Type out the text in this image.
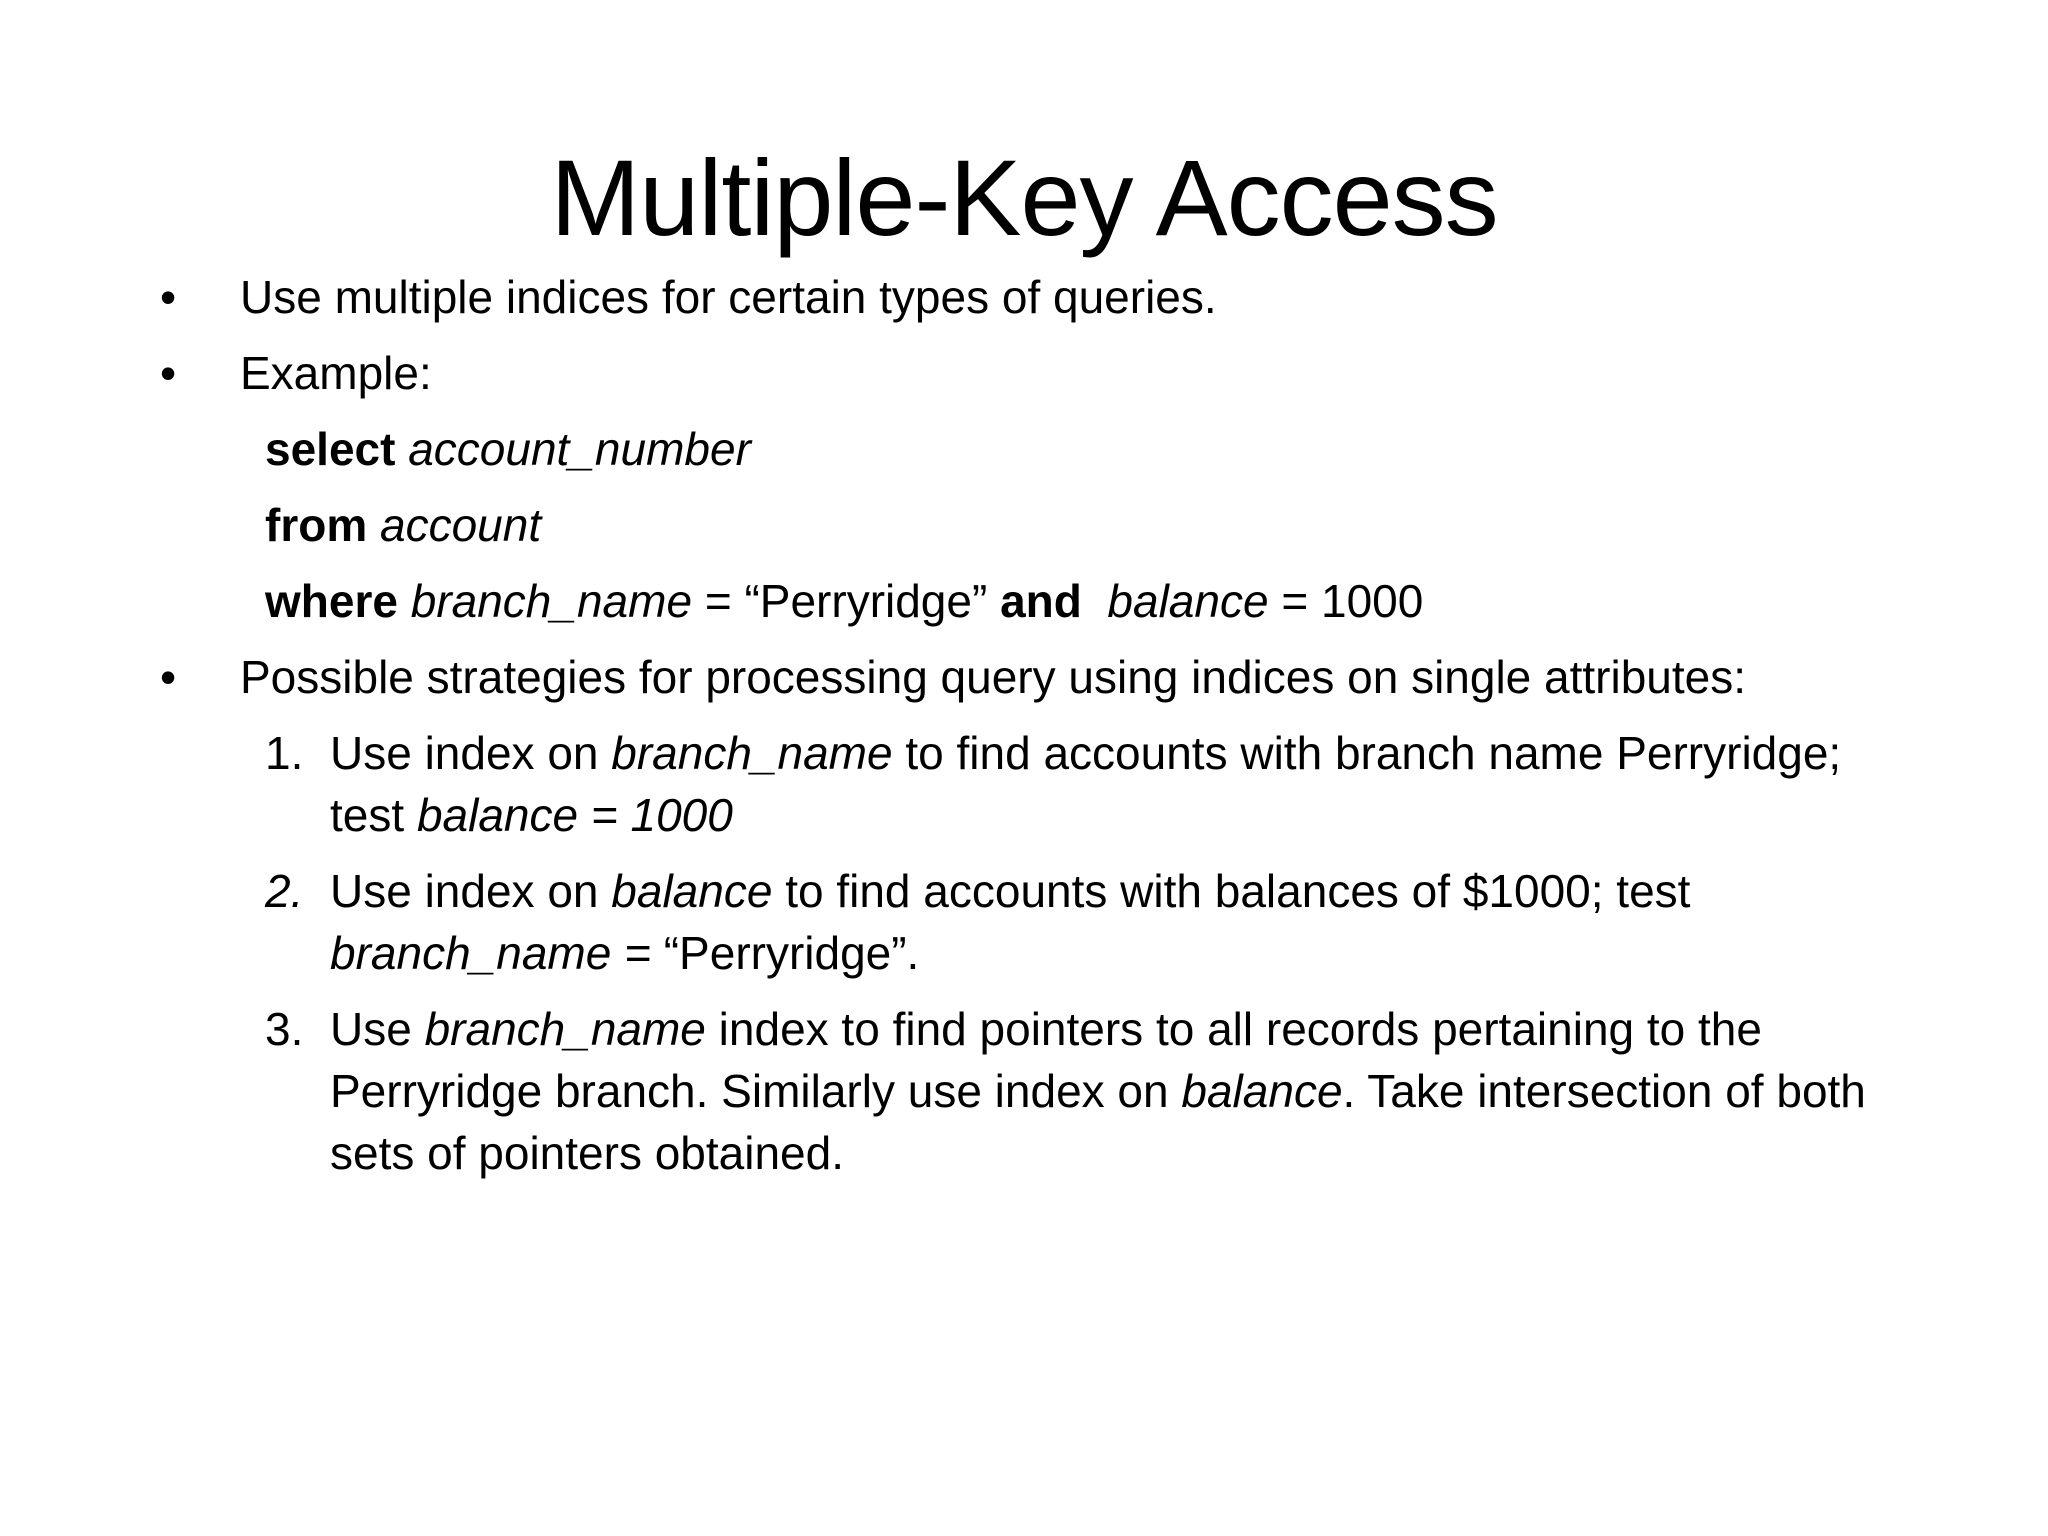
Multiple-Key Access
•	Use multiple indices for certain types of queries.
•	Example:
select account_number
from account
where branch_name = “Perryridge” and balance = 1000
•	Possible strategies for processing query using indices on single attributes:
1. Use index on branch_name to find accounts with branch name Perryridge; test balance = 1000
2. Use index on balance to find accounts with balances of $1000; test branch_name = “Perryridge”.
3. Use branch_name index to find pointers to all records pertaining to the Perryridge branch. Similarly use index on balance. Take intersection of both sets of pointers obtained.
